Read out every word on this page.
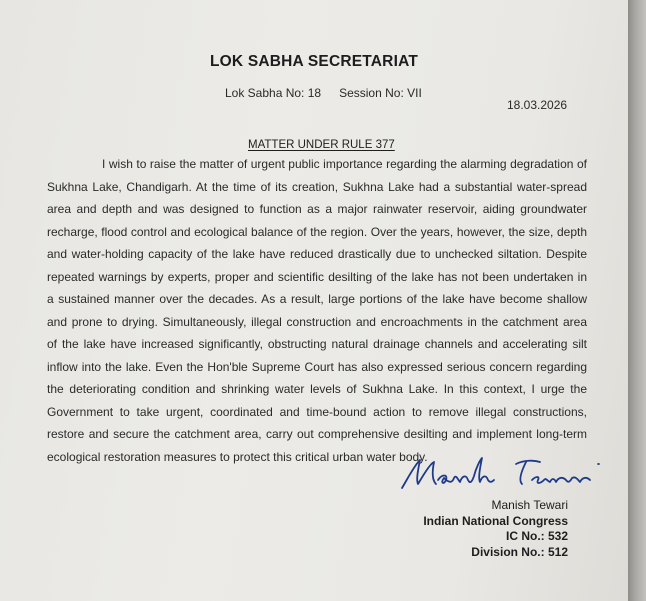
LOK SABHA SECRETARIAT
Lok Sabha No: 18 Session No: VII
18.03.2026
MATTER UNDER RULE 377
I wish to raise the matter of urgent public importance regarding the alarming degradation of
Sukhna Lake, Chandigarh. At the time of its creation, Sukhna Lake had a substantial water-spread
area and depth and was designed to function as a major rainwater reservoir, aiding groundwater
recharge, flood control and ecological balance of the region. Over the years, however, the size, depth
and water-holding capacity of the lake have reduced drastically due to unchecked siltation. Despite
repeated warnings by experts, proper and scientific desilting of the lake has not been undertaken in
a sustained manner over the decades. As a result, large portions of the lake have become shallow
and prone to drying. Simultaneously, illegal construction and encroachments in the catchment area
of the lake have increased significantly, obstructing natural drainage channels and accelerating silt
inflow into the lake. Even the Hon'ble Supreme Court has also expressed serious concern regarding
the deteriorating condition and shrinking water levels of Sukhna Lake. In this context, I urge the
Government to take urgent, coordinated and time-bound action to remove illegal constructions,
restore and secure the catchment area, carry out comprehensive desilting and implement long-term
ecological restoration measures to protect this critical urban water body.
Manish Tewari
Indian National Congress
IC No.: 532
Division No.: 512
